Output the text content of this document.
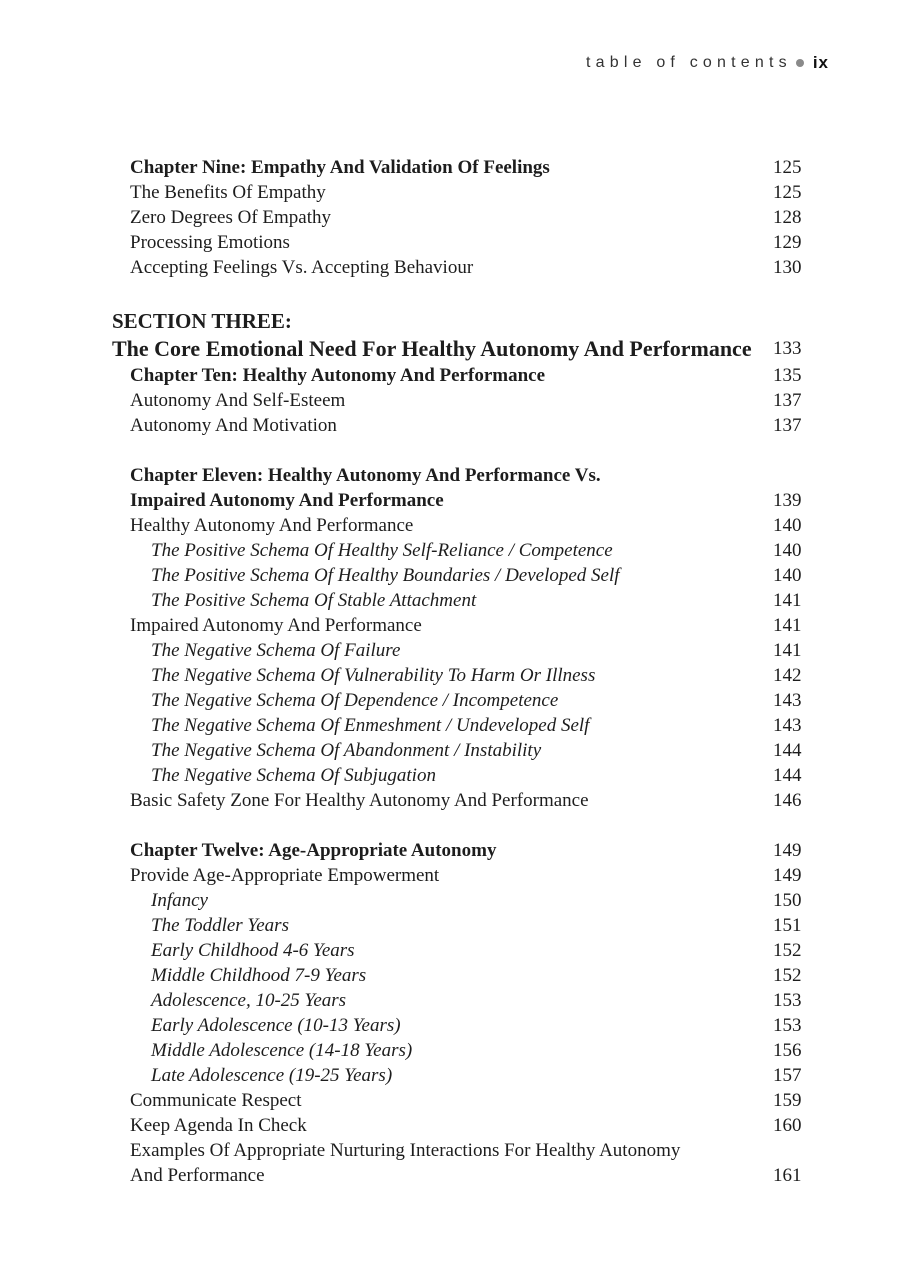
table of contents ix
Chapter Nine: Empathy And Validation Of Feelings	125
The Benefits Of Empathy	125
Zero Degrees Of Empathy	128
Processing Emotions	129
Accepting Feelings Vs. Accepting Behaviour	130
SECTION THREE:
The Core Emotional Need For Healthy Autonomy And Performance 133
Chapter Ten: Healthy Autonomy And Performance	135
Autonomy And Self-Esteem	137
Autonomy And Motivation	137
Chapter Eleven: Healthy Autonomy And Performance Vs.
Impaired Autonomy And Performance	139
Healthy Autonomy And Performance	140
The Positive Schema Of Healthy Self-Reliance / Competence	140
The Positive Schema Of Healthy Boundaries / Developed Self	140
The Positive Schema Of Stable Attachment	141
Impaired Autonomy And Performance	141
The Negative Schema Of Failure	141
The Negative Schema Of Vulnerability To Harm Or Illness	142
The Negative Schema Of Dependence / Incompetence	143
The Negative Schema Of Enmeshment / Undeveloped Self	143
The Negative Schema Of Abandonment / Instability	144
The Negative Schema Of Subjugation	144
Basic Safety Zone For Healthy Autonomy And Performance	146
Chapter Twelve: Age-Appropriate Autonomy	149
Provide Age-Appropriate Empowerment	149
Infancy	150
The Toddler Years	151
Early Childhood 4-6 Years	152
Middle Childhood 7-9 Years	152
Adolescence, 10-25 Years	153
Early Adolescence (10-13 Years)	153
Middle Adolescence (14-18 Years)	156
Late Adolescence (19-25 Years)	157
Communicate Respect	159
Keep Agenda In Check	160
Examples Of Appropriate Nurturing Interactions For Healthy Autonomy
And Performance	161
